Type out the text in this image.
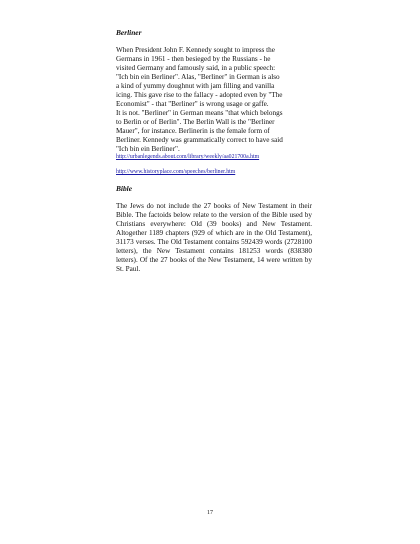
Berliner

When President John F. Kennedy sought to impress the
Germans in 1961 - then besieged by the Russians - he
visited Germany and famously said, in a public speech:
"Ich bin ein Berliner". Alas, "Berliner" in German is also
a kind of yummy doughnut with jam filling and vanilla
icing. This gave rise to the fallacy - adopted even by "The
Economist" - that "Berliner" is wrong usage or gaffe.
It is not. "Berliner" in German means "that which belongs
to Berlin or of Berlin". The Berlin Wall is the "Berliner
Mauer", for instance. Berlinerin is the female form of
Berliner. Kennedy was grammatically correct to have said
"Ich bin ein Berliner".

http://urbanlegends.about.com/library/weekly/aa021700a.htm
http://www.historyplace.com/speeches/berliner.htm
Bible

The Jews do not include the 27 books of New Testament in their Bible. The factoids below relate to the version of the Bible used by Christians everywhere: Old (39 books) and New Testament. Altogether 1189 chapters (929 of which are in the Old Testament), 31173 verses. The Old Testament contains 592439 words (2728100 letters), the New Testament contains 181253 words (838380 letters). Of the 27 books of the New Testament, 14 were written by St. Paul.

17
